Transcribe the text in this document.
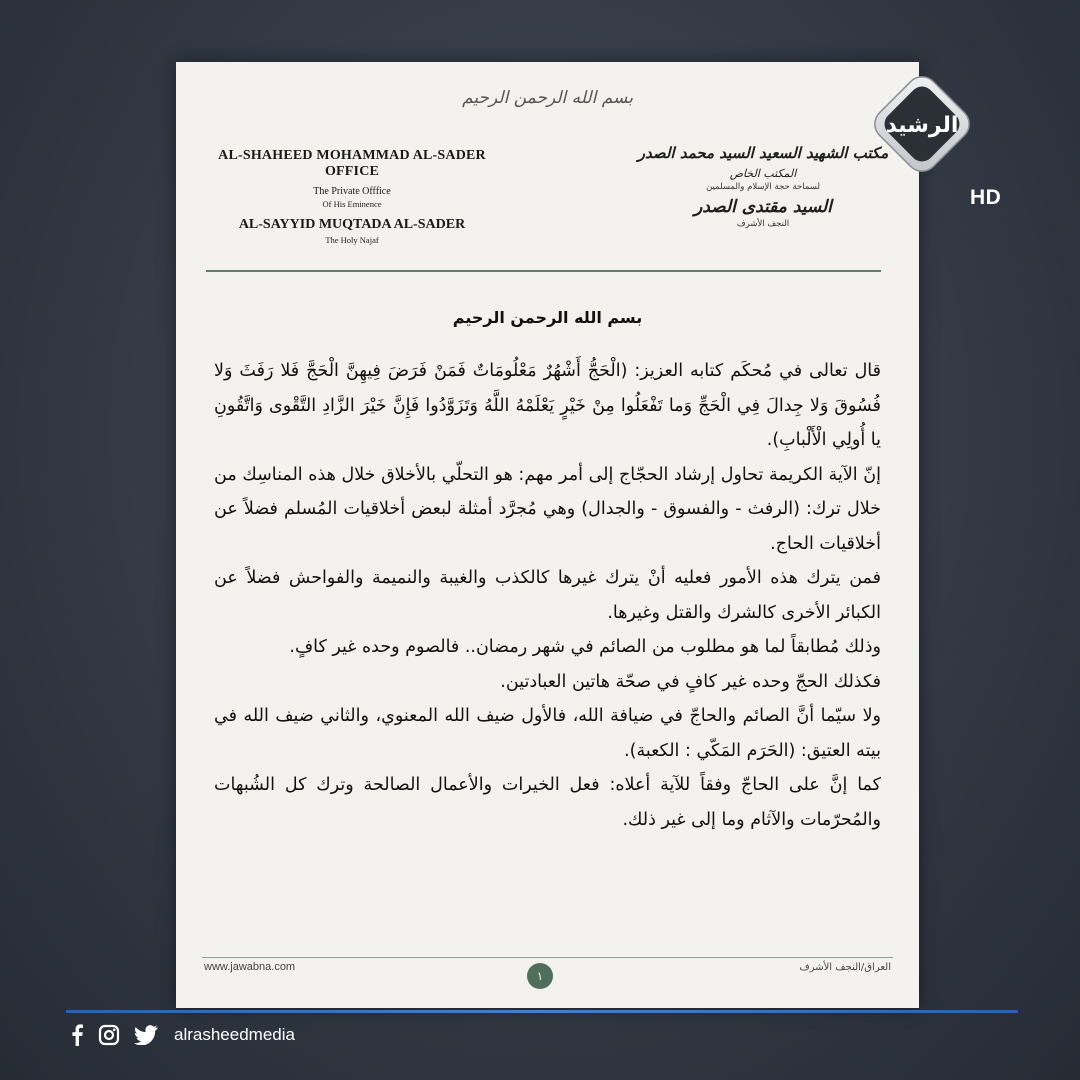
بسم الله الرحمن الرحيم
AL-SHAHEED MOHAMMAD AL-SADER OFFICE
The Private Offfice
Of His Eminence
AL-SAYYID MUQTADA AL-SADER
The Holy Najaf
مكتب الشهيد السعيد السيد محمد الصدر
المكتب الخاص
لسماحة حجة الإسلام والمسلمين
السيد مقتدى الصدر
النجف الأشرف
بسم الله الرحمن الرحيم

قال تعالى في مُحكَم كتابه العزيز: (الْحَجُّ أَشْهُرٌ مَعْلُومَاتٌ فَمَنْ فَرَضَ فِيهِنَّ الْحَجَّ فَلا رَفَثَ وَلا فُسُوقَ وَلا جِدالَ فِي الْحَجِّ وَما تَفْعَلُوا مِنْ خَيْرٍ يَعْلَمْهُ اللَّهُ وَتَزَوَّدُوا فَإِنَّ خَيْرَ الزَّادِ التَّقْوى وَاتَّقُونِ يا أُولِي الْأَلْبابِ).

إنّ الآية الكريمة تحاول إرشاد الحجّاج إلى أمر مهم: هو التحلّي بالأخلاق خلال هذه المناسِك من خلال ترك: (الرفث - والفسوق - والجدال) وهي مُجرَّد أمثلة لبعض أخلاقيات المُسلم فضلاً عن أخلاقيات الحاج.

فمن يترك هذه الأمور فعليه أنْ يترك غيرها كالكذب والغيبة والنميمة والفواحش فضلاً عن الكبائر الأخرى كالشرك والقتل وغيرها.

وذلك مُطابقاً لما هو مطلوب من الصائم في شهر رمضان.. فالصوم وحده غير كافٍ.

فكذلك الحجّ وحده غير كافٍ في صحّة هاتين العبادتين.

ولا سيّما أنَّ الصائم والحاجّ في ضيافة الله، فالأول ضيف الله المعنوي، والثاني ضيف الله في بيته العتيق: (الحَرَم المَكّي : الكعبة).

كما إنَّ على الحاجّ وفقاً للآية أعلاه: فعل الخيرات والأعمال الصالحة وترك كل الشُبهات والمُحرّمات والآثام وما إلى غير ذلك.

www.jawabna.com
١
العراق/النجف الأشرف
الرشيد
HD
alrasheedmedia
